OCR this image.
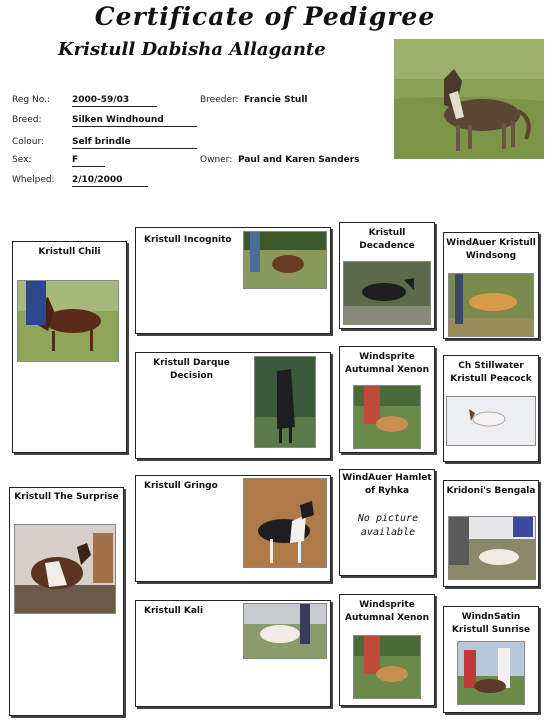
Certificate of Pedigree
Kristull Dabisha Allagante
Reg No.: 2000-59/03	Breeder: Francie Stull
Breed:	Silken Windhound
Colour:	Self brindle
Sex:	F	Owner: Paul and Karen Sanders
Whelped: 2/10/2000
Kristull Chili
Kristull The Surprise
Kristull Incognito
Kristull Darque Decision
Kristull Gringo
Kristull Kali
Kristull Decadence
Windsprite Autumnal Xenon
WindAuer Hamlet of Ryhka
No picture available
Windsprite Autumnal Xenon
WindAuer Kristull Windsong
Ch Stillwater Kristull Peacock
Kridoni's Bengala
WindnSatin Kristull Sunrise
